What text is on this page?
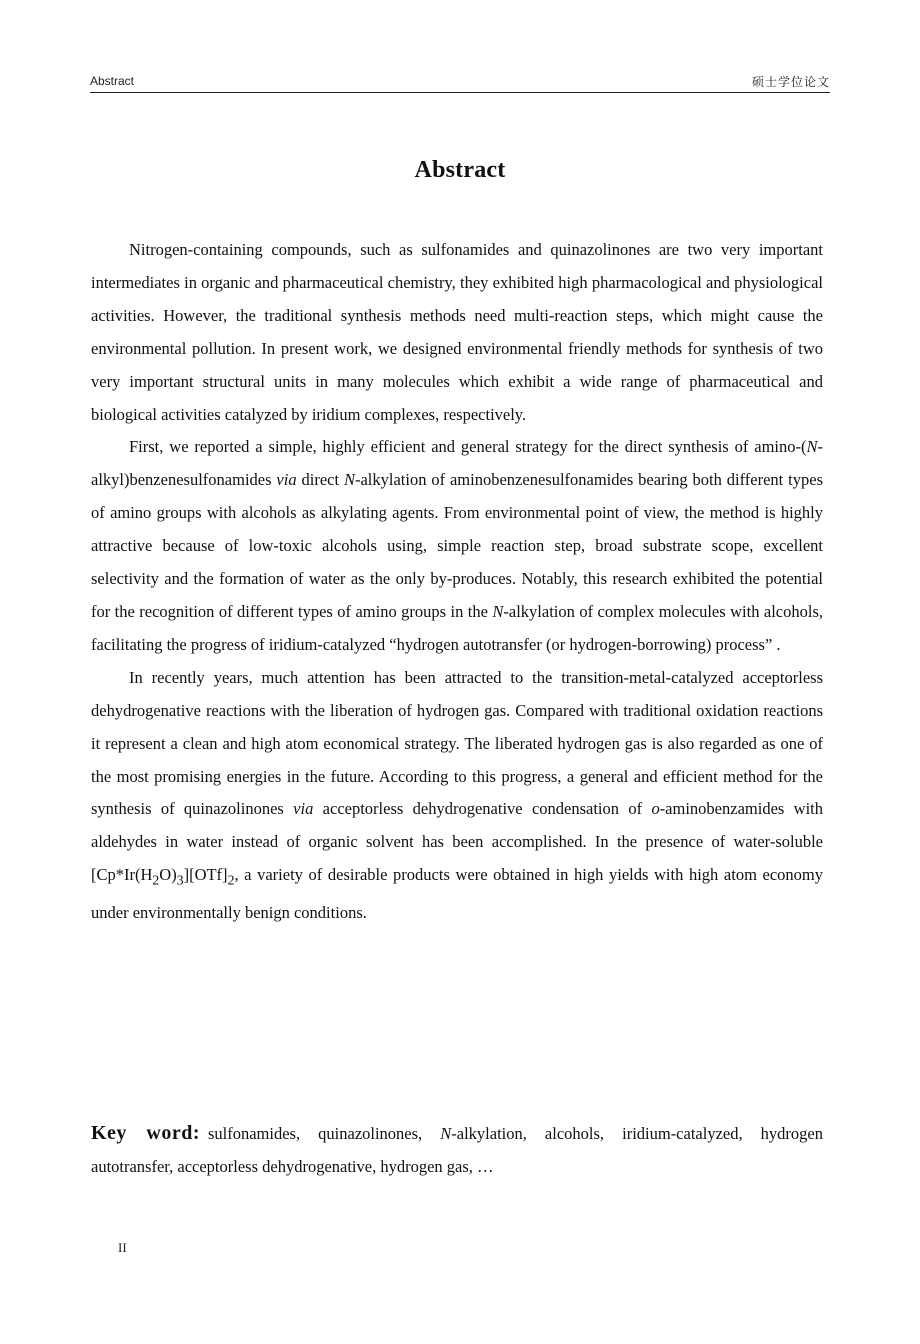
Abstract	硕士学位论文
Abstract

Nitrogen-containing compounds, such as sulfonamides and quinazolinones are two very important intermediates in organic and pharmaceutical chemistry, they exhibited high pharmacological and physiological activities. However, the traditional synthesis methods need multi-reaction steps, which might cause the environmental pollution. In present work, we designed environmental friendly methods for synthesis of two very important structural units in many molecules which exhibit a wide range of pharmaceutical and biological activities catalyzed by iridium complexes, respectively.

First, we reported a simple, highly efficient and general strategy for the direct synthesis of amino-(N-alkyl)benzenesulfonamides via direct N-alkylation of aminobenzenesulfonamides bearing both different types of amino groups with alcohols as alkylating agents. From environmental point of view, the method is highly attractive because of low-toxic alcohols using, simple reaction step, broad substrate scope, excellent selectivity and the formation of water as the only by-produces. Notably, this research exhibited the potential for the recognition of different types of amino groups in the N-alkylation of complex molecules with alcohols, facilitating the progress of iridium-catalyzed “hydrogen autotransfer (or hydrogen-borrowing) process” .

In recently years, much attention has been attracted to the transition-metal-catalyzed acceptorless dehydrogenative reactions with the liberation of hydrogen gas. Compared with traditional oxidation reactions it represent a clean and high atom economical strategy. The liberated hydrogen gas is also regarded as one of the most promising energies in the future. According to this progress, a general and efficient method for the synthesis of quinazolinones via acceptorless dehydrogenative condensation of o-aminobenzamides with aldehydes in water instead of organic solvent has been accomplished. In the presence of water-soluble $[Cp*Ir(H_2O)_3][OTf]_2$, a variety of desirable products were obtained in high yields with high atom economy under environmentally benign conditions.

Key word: sulfonamides, quinazolinones, N-alkylation, alcohols, iridium-catalyzed, hydrogen autotransfer, acceptorless dehydrogenative, hydrogen gas, …
II
